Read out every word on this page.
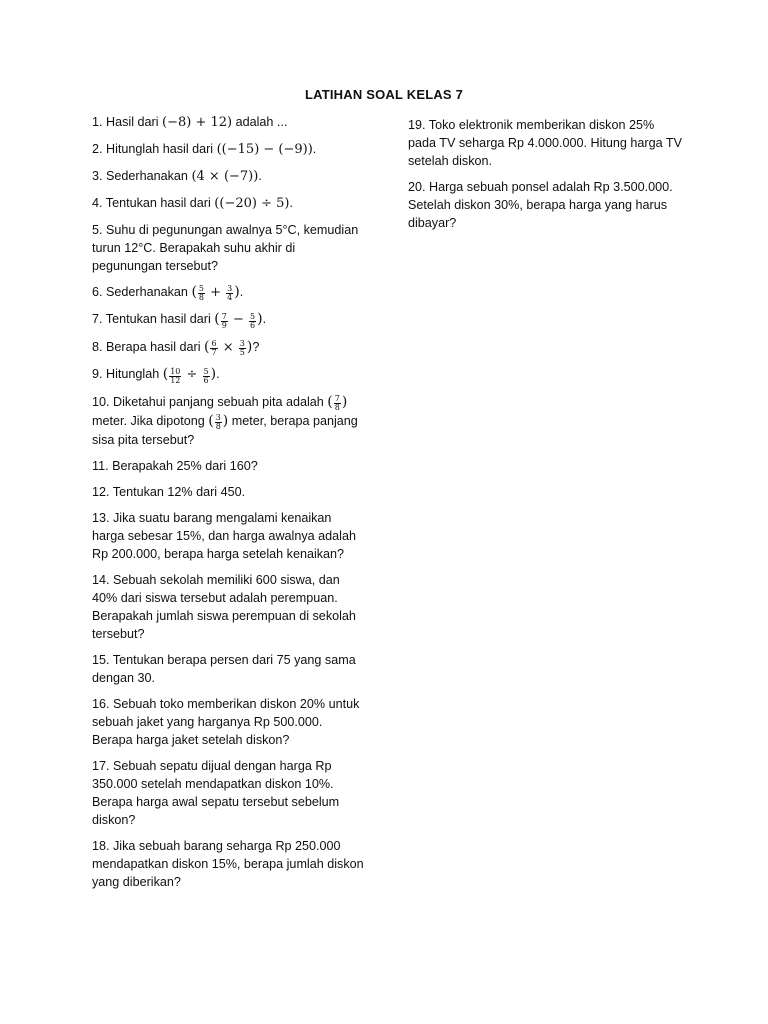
LATIHAN SOAL KELAS 7

1. Hasil dari (−8) + 12) adalah ...

2. Hitunglah hasil dari ((−15) − (−9)).

3. Sederhanakan (4 × (−7)).

4. Tentukan hasil dari ((−20) ÷ 5).

5. Suhu di pegunungan awalnya 5°C, kemudian turun 12°C. Berapakah suhu akhir di pegunungan tersebut?

6. Sederhanakan ( $\frac{5}{8} + \frac{3}{4}$ ).

7. Tentukan hasil dari ( $\frac{7}{9} - \frac{5}{6}$ ).

8. Berapa hasil dari ( $\frac{6}{7} \times \frac{3}{5}$ )?

9. Hitunglah ( $\frac{10}{12} \div \frac{5}{6}$ ).

10. Diketahui panjang sebuah pita adalah ( $\frac{7}{8}$ ) meter. Jika dipotong ( $\frac{3}{8}$ ) meter, berapa panjang sisa pita tersebut?

11. Berapakah 25% dari 160?

12. Tentukan 12% dari 450.

13. Jika suatu barang mengalami kenaikan harga sebesar 15%, dan harga awalnya adalah Rp 200.000, berapa harga setelah kenaikan?

14. Sebuah sekolah memiliki 600 siswa, dan 40% dari siswa tersebut adalah perempuan. Berapakah jumlah siswa perempuan di sekolah tersebut?

15. Tentukan berapa persen dari 75 yang sama dengan 30.

16. Sebuah toko memberikan diskon 20% untuk sebuah jaket yang harganya Rp 500.000. Berapa harga jaket setelah diskon?

17. Sebuah sepatu dijual dengan harga Rp 350.000 setelah mendapatkan diskon 10%. Berapa harga awal sepatu tersebut sebelum diskon?

18. Jika sebuah barang seharga Rp 250.000 mendapatkan diskon 15%, berapa jumlah diskon yang diberikan?

19. Toko elektronik memberikan diskon 25% pada TV seharga Rp 4.000.000. Hitung harga TV setelah diskon.

20. Harga sebuah ponsel adalah Rp 3.500.000. Setelah diskon 30%, berapa harga yang harus dibayar?
